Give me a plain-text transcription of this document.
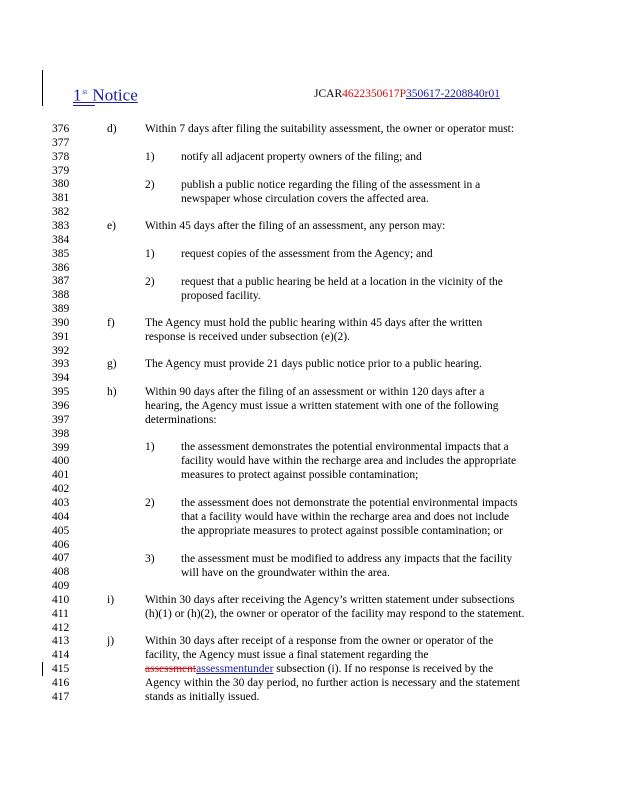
1st Notice	JCAR4622350617P350617-2208840r01
376
377
378
379
380
381
382
383
384
385
386
387
388
389
390
391
392
393
394
395
396
397
398
399
400
401
402
403
404
405
406
407
408
409
410
411
412
413
414
415
416
417
d) Within 7 days after filing the suitability assessment, the owner or operator must:
1) notify all adjacent property owners of the filing; and
2) publish a public notice regarding the filing of the assessment in a
newspaper whose circulation covers the affected area.
e)	Within 45 days after the filing of an assessment, any person may:
1) request copies of the assessment from the Agency; and
2) request that a public hearing be held at a location in the vicinity of the
proposed facility.
f)	The Agency must hold the public hearing within 45 days after the written
response is received under subsection (e)(2).
g) The Agency must provide 21 days public notice prior to a public hearing.
h) Within 90 days after the filing of an assessment or within 120 days after a
hearing, the Agency must issue a written statement with one of the following
determinations:
1) the assessment demonstrates the potential environmental impacts that a
facility would have within the recharge area and includes the appropriate
measures to protect against possible contamination;
2) the assessment does not demonstrate the potential environmental impacts
that a facility would have within the recharge area and does not include
the appropriate measures to protect against possible contamination; or
3) the assessment must be modified to address any impacts that the facility
will have on the groundwater within the area.
i)	Within 30 days after receiving the Agency’s written statement under subsections
(h)(1) or (h)(2), the owner or operator of the facility may respond to the statement.
j)	Within 30 days after receipt of a response from the owner or operator of the
facility, the Agency must issue a final statement regarding the
assessmentassessmentunder subsection (i). If no response is received by the
Agency within the 30 day period, no further action is necessary and the statement
stands as initially issued.
